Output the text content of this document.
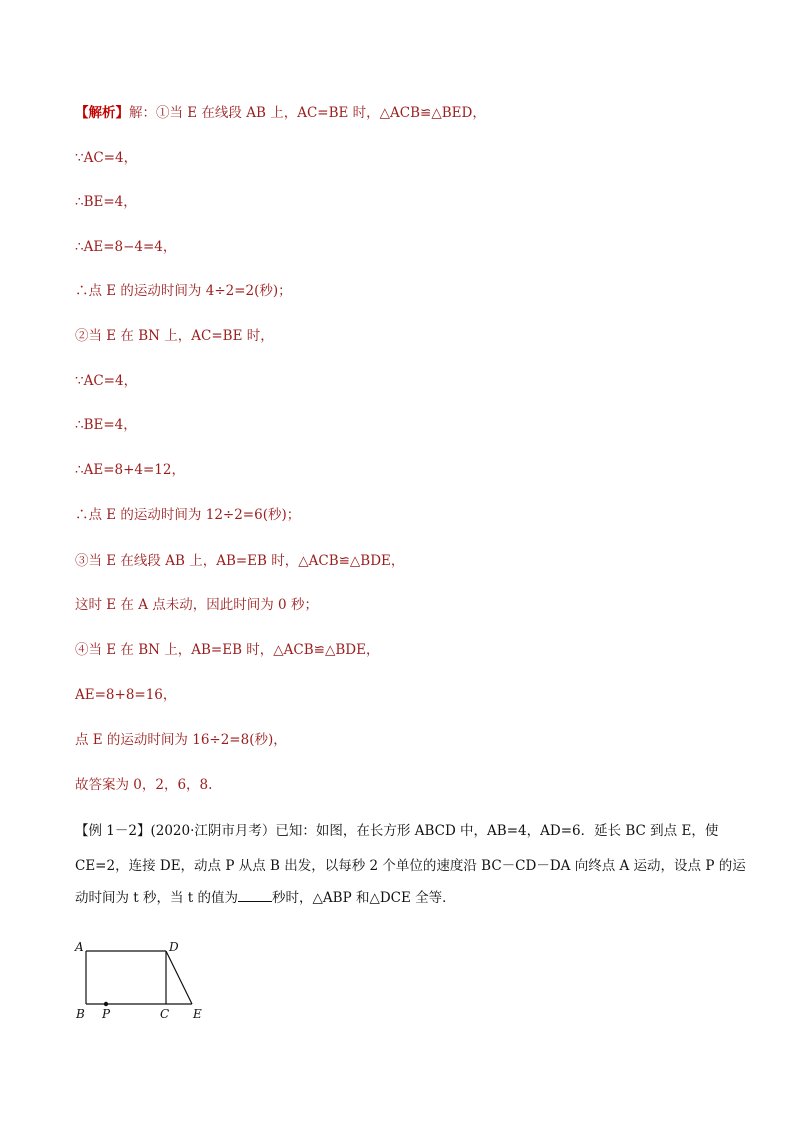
【解析】解：①当 E 在线段 AB 上，AC=BE 时，△ACB≌△BED，
∵AC=4，
∴BE=4，
∴AE=8−4=4，
∴点 E 的运动时间为 4÷2=2(秒)；
②当 E 在 BN 上，AC=BE 时，
∵AC=4，
∴BE=4，
∴AE=8+4=12，
∴点 E 的运动时间为 12÷2=6(秒)；
③当 E 在线段 AB 上，AB=EB 时，△ACB≌△BDE，
这时 E 在 A 点未动，因此时间为 0 秒；
④当 E 在 BN 上，AB=EB 时，△ACB≌△BDE，
AE=8+8=16，
点 E 的运动时间为 16÷2=8(秒)，
故答案为 0，2，6，8.
【例 1－2】(2020·江阴市月考）已知：如图，在长方形 ABCD 中，AB=4，AD=6．延长 BC 到点 E，使
CE=2，连接 DE，动点 P 从点 B 出发，以每秒 2 个单位的速度沿 BC－CD－DA 向终点 A 运动，设点 P 的运
动时间为 t 秒，当 t 的值为	秒时，△ABP 和△DCE 全等．
A	D
B P	C E
